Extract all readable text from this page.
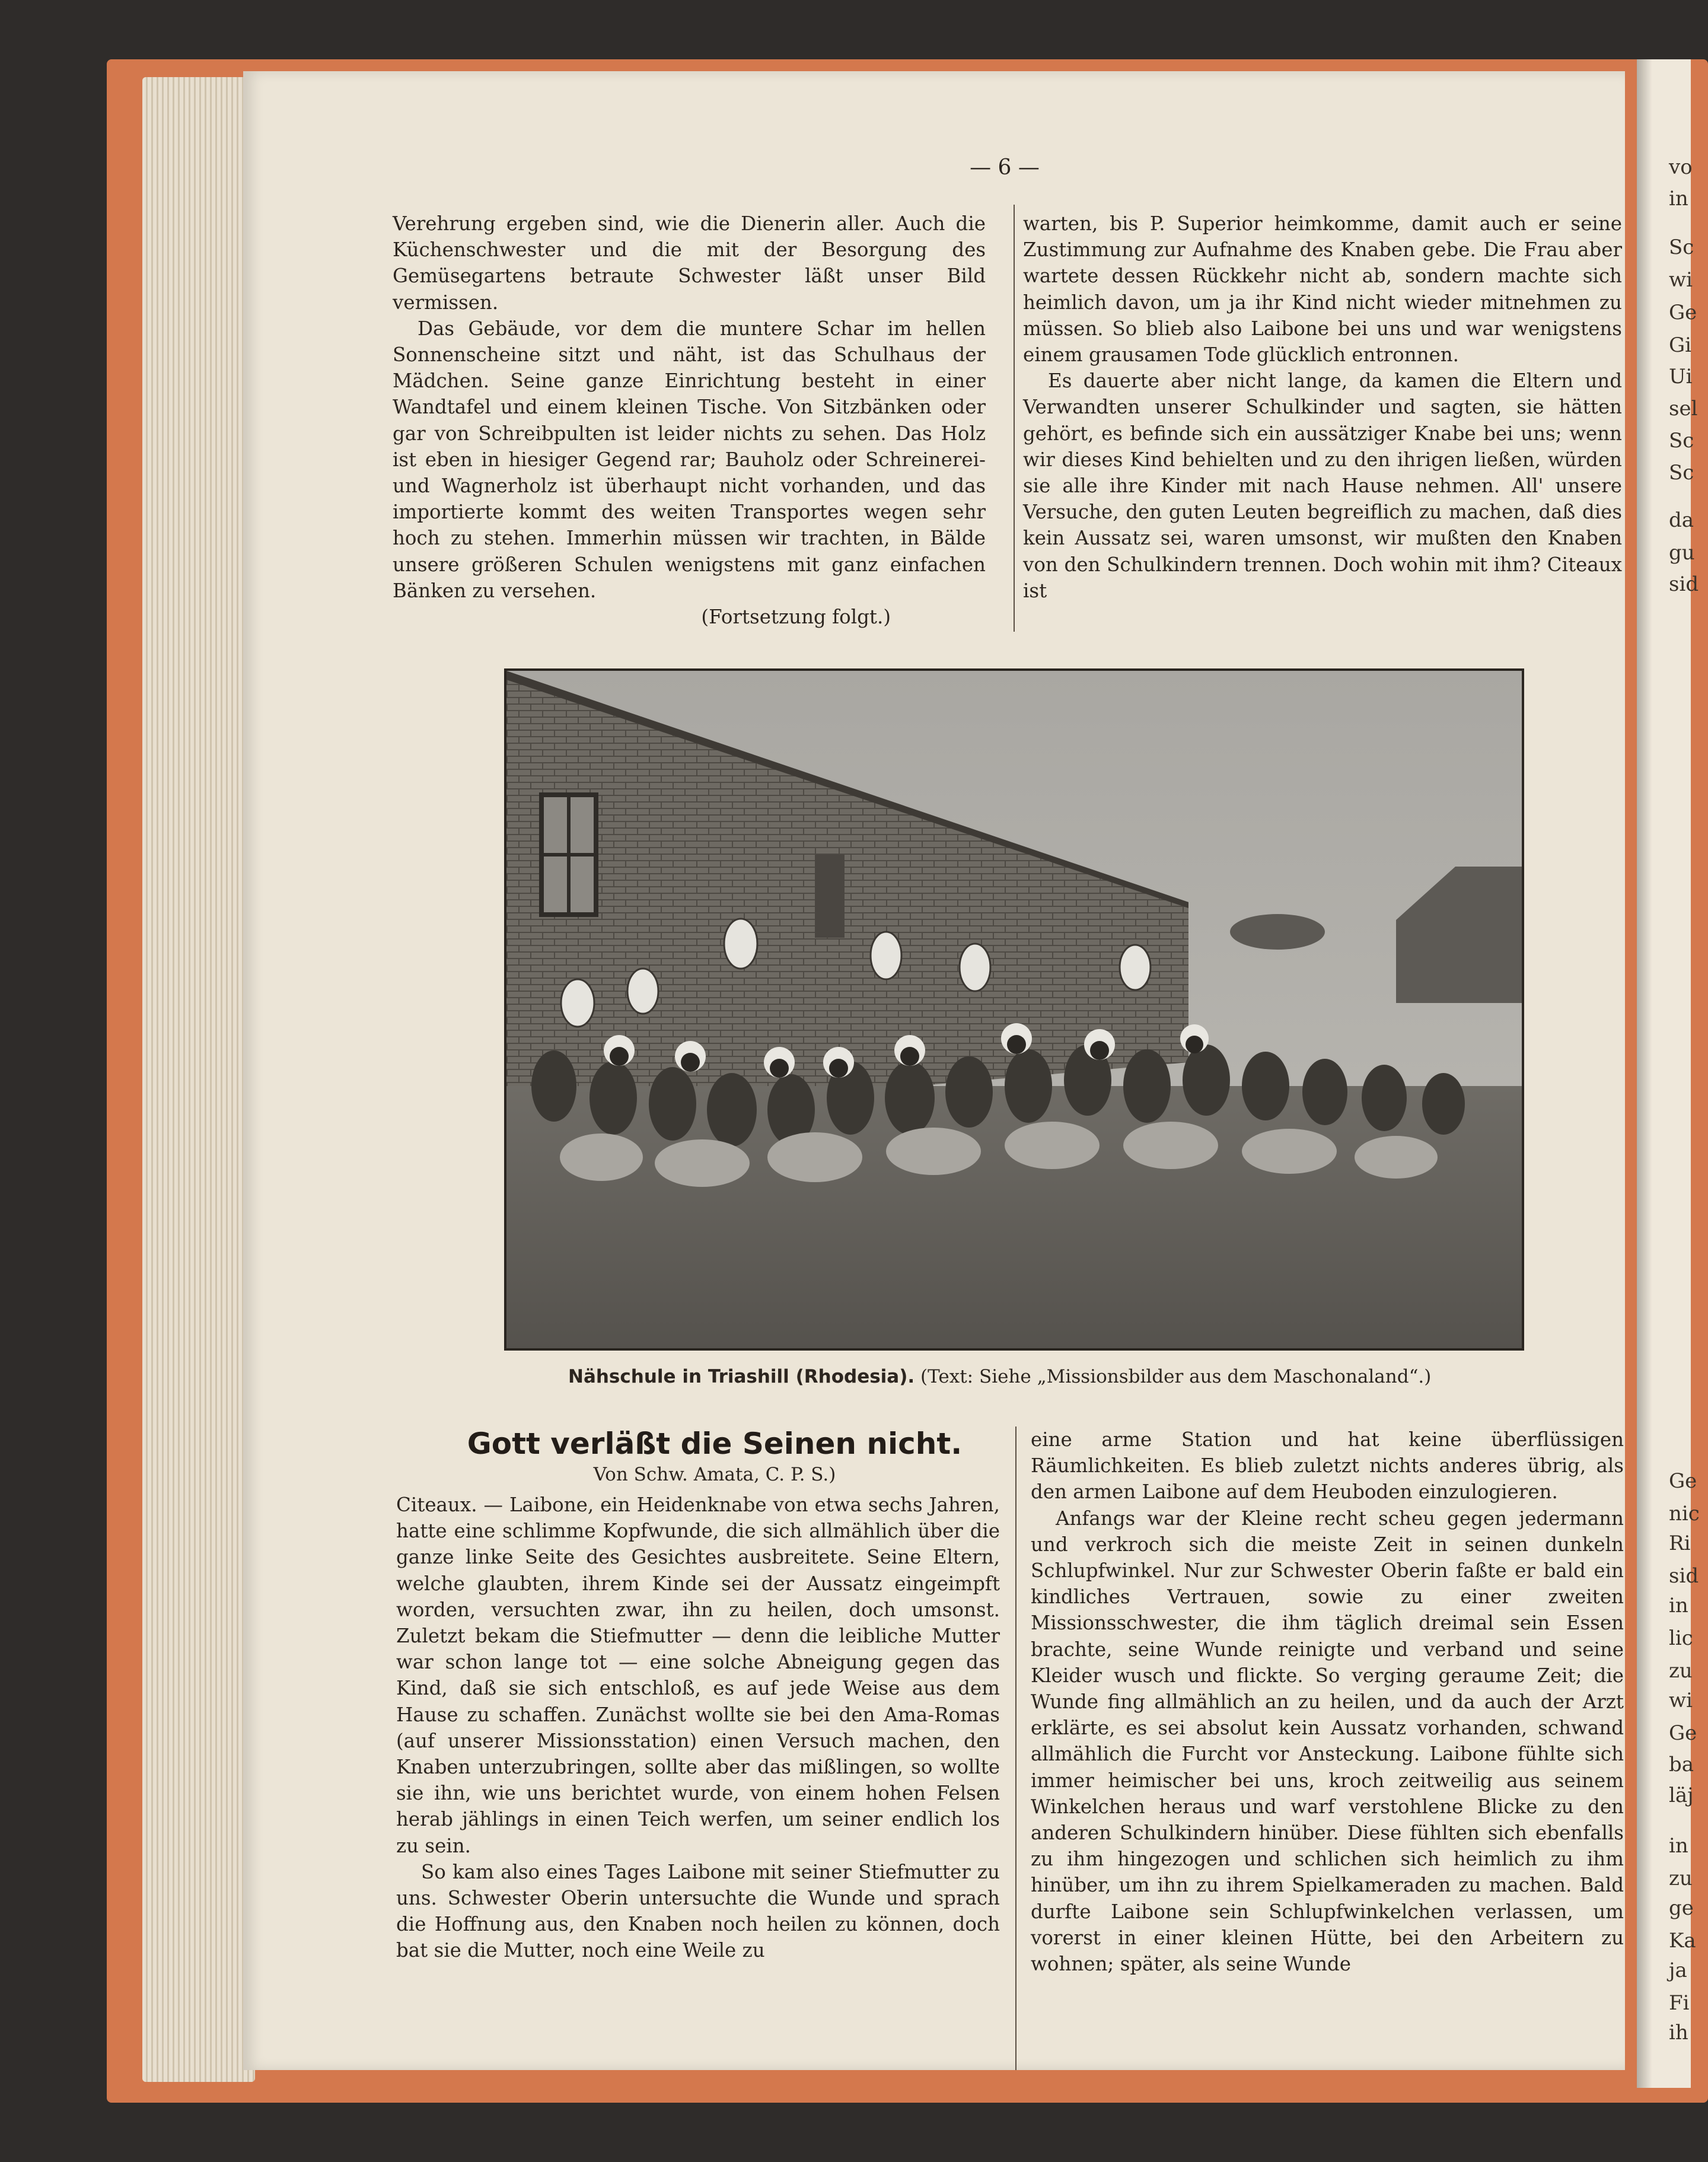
vo
in
Sc
wi
Ge
Gi
Ui
sel
Sc
Sc
da
gu
sid
Ge
nic
Ri
sid
in
lic
zu
wi
Ge
ba
läj
in
zu
ge
Ka
ja
Fi
ih
— 6 —

Verehrung ergeben sind, wie die Dienerin aller. Auch die Küchenschwester und die mit der Besorgung des Gemüsegartens betraute Schwester läßt unser Bild vermissen.

Das Gebäude, vor dem die muntere Schar im hellen Sonnenscheine sitzt und näht, ist das Schulhaus der Mädchen. Seine ganze Einrichtung besteht in einer Wandtafel und einem kleinen Tische. Von Sitzbänken oder gar von Schreibpulten ist leider nichts zu sehen. Das Holz ist eben in hiesiger Gegend rar; Bauholz oder Schreinerei- und Wagnerholz ist überhaupt nicht vorhanden, und das importierte kommt des weiten Transportes wegen sehr hoch zu stehen. Immerhin müssen wir trachten, in Bälde unsere größeren Schulen wenigstens mit ganz einfachen Bänken zu versehen.

(Fortsetzung folgt.)

warten, bis P. Superior heimkomme, damit auch er seine Zustimmung zur Aufnahme des Knaben gebe. Die Frau aber wartete dessen Rückkehr nicht ab, sondern machte sich heimlich davon, um ja ihr Kind nicht wieder mitnehmen zu müssen. So blieb also Laibone bei uns und war wenigstens einem grausamen Tode glücklich entronnen.

Es dauerte aber nicht lange, da kamen die Eltern und Verwandten unserer Schulkinder und sagten, sie hätten gehört, es befinde sich ein aussätziger Knabe bei uns; wenn wir dieses Kind behielten und zu den ihrigen ließen, würden sie alle ihre Kinder mit nach Hause nehmen. All' unsere Versuche, den guten Leuten begreiflich zu machen, daß dies kein Aussatz sei, waren umsonst, wir mußten den Knaben von den Schulkindern trennen. Doch wohin mit ihm? Citeaux ist

Nähschule in Triashill (Rhodesia). (Text: Siehe „Missionsbilder aus dem Maschonaland“.)
Gott verläßt die Seinen nicht.
Von Schw. Amata, C. P. S.)

Citeaux. — Laibone, ein Heidenknabe von etwa sechs Jahren, hatte eine schlimme Kopfwunde, die sich allmählich über die ganze linke Seite des Gesichtes ausbreitete. Seine Eltern, welche glaubten, ihrem Kinde sei der Aussatz eingeimpft worden, versuchten zwar, ihn zu heilen, doch umsonst. Zuletzt bekam die Stiefmutter — denn die leibliche Mutter war schon lange tot — eine solche Abneigung gegen das Kind, daß sie sich entschloß, es auf jede Weise aus dem Hause zu schaffen. Zunächst wollte sie bei den Ama-Romas (auf unserer Missionsstation) einen Versuch machen, den Knaben unterzubringen, sollte aber das mißlingen, so wollte sie ihn, wie uns berichtet wurde, von einem hohen Felsen herab jählings in einen Teich werfen, um seiner endlich los zu sein.

So kam also eines Tages Laibone mit seiner Stiefmutter zu uns. Schwester Oberin untersuchte die Wunde und sprach die Hoffnung aus, den Knaben noch heilen zu können, doch bat sie die Mutter, noch eine Weile zu

eine arme Station und hat keine überflüssigen Räumlichkeiten. Es blieb zuletzt nichts anderes übrig, als den armen Laibone auf dem Heuboden einzulogieren.

Anfangs war der Kleine recht scheu gegen jedermann und verkroch sich die meiste Zeit in seinen dunkeln Schlupfwinkel. Nur zur Schwester Oberin faßte er bald ein kindliches Vertrauen, sowie zu einer zweiten Missionsschwester, die ihm täglich dreimal sein Essen brachte, seine Wunde reinigte und verband und seine Kleider wusch und flickte. So verging geraume Zeit; die Wunde fing allmählich an zu heilen, und da auch der Arzt erklärte, es sei absolut kein Aussatz vorhanden, schwand allmählich die Furcht vor Ansteckung. Laibone fühlte sich immer heimischer bei uns, kroch zeitweilig aus seinem Winkelchen heraus und warf verstohlene Blicke zu den anderen Schulkindern hinüber. Diese fühlten sich ebenfalls zu ihm hingezogen und schlichen sich heimlich zu ihm hinüber, um ihn zu ihrem Spielkameraden zu machen. Bald durfte Laibone sein Schlupfwinkelchen verlassen, um vorerst in einer kleinen Hütte, bei den Arbeitern zu wohnen; später, als seine Wunde
